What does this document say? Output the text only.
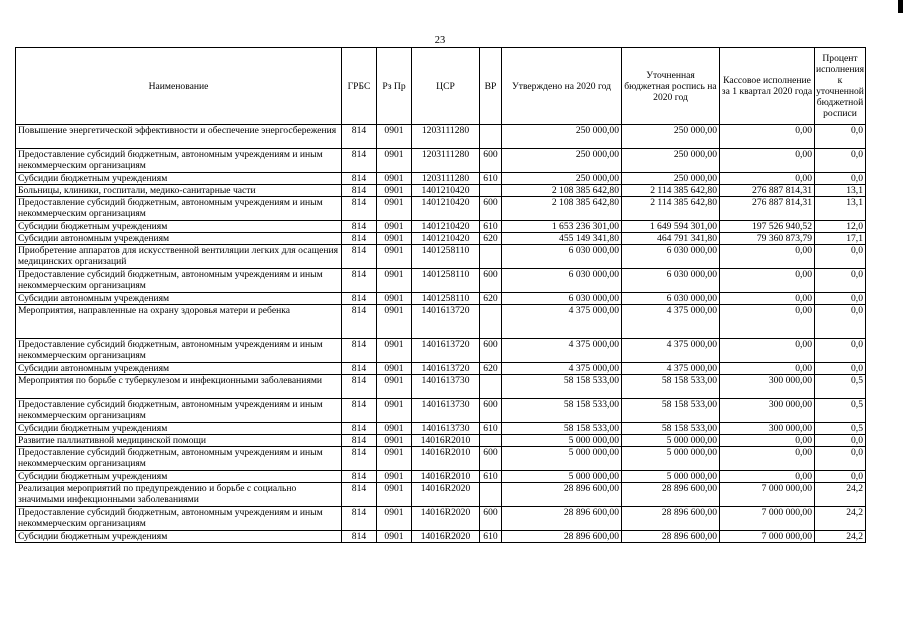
23
Наименование	ГРБС	Рз Пр	ЦСР	ВР	Утверждено на 2020 год	Уточненная бюджетная роспись на 2020 год	Кассовое исполнение за 1 квартал 2020 года	Процент исполнения к уточненной бюджетной росписи
Повышение энергетической эффективности и обеспечение энергосбережения	814	0901	1203111280		250 000,00	250 000,00	0,00	0,0
Предоставление субсидий бюджетным, автономным учреждениям и иным некоммерческим организациям	814	0901	1203111280	600	250 000,00	250 000,00	0,00	0,0
Субсидии бюджетным учреждениям	814	0901	1203111280	610	250 000,00	250 000,00	0,00	0,0
Больницы, клиники, госпитали, медико-санитарные части	814	0901	1401210420		2 108 385 642,80	2 114 385 642,80	276 887 814,31	13,1
Предоставление субсидий бюджетным, автономным учреждениям и иным некоммерческим организациям	814	0901	1401210420	600	2 108 385 642,80	2 114 385 642,80	276 887 814,31	13,1
Субсидии бюджетным учреждениям	814	0901	1401210420	610	1 653 236 301,00	1 649 594 301,00	197 526 940,52	12,0
Субсидии автономным учреждениям	814	0901	1401210420	620	455 149 341,80	464 791 341,80	79 360 873,79	17,1
Приобретение аппаратов для искусственной вентиляции легких для осащения медицинских организаций	814	0901	1401258110		6 030 000,00	6 030 000,00	0,00	0,0
Предоставление субсидий бюджетным, автономным учреждениям и иным некоммерческим организациям	814	0901	1401258110	600	6 030 000,00	6 030 000,00	0,00	0,0
Субсидии автономным учреждениям	814	0901	1401258110	620	6 030 000,00	6 030 000,00	0,00	0,0
Мероприятия, направленные на охрану здоровья матери и ребенка	814	0901	1401613720		4 375 000,00	4 375 000,00	0,00	0,0
Предоставление субсидий бюджетным, автономным учреждениям и иным некоммерческим организациям	814	0901	1401613720	600	4 375 000,00	4 375 000,00	0,00	0,0
Субсидии автономным учреждениям	814	0901	1401613720	620	4 375 000,00	4 375 000,00	0,00	0,0
Мероприятия по борьбе с туберкулезом и инфекционными заболеваниями	814	0901	1401613730		58 158 533,00	58 158 533,00	300 000,00	0,5
Предоставление субсидий бюджетным, автономным учреждениям и иным некоммерческим организациям	814	0901	1401613730	600	58 158 533,00	58 158 533,00	300 000,00	0,5
Субсидии бюджетным учреждениям	814	0901	1401613730	610	58 158 533,00	58 158 533,00	300 000,00	0,5
Развитие паллиативной медицинской помощи	814	0901	14016R2010		5 000 000,00	5 000 000,00	0,00	0,0
Предоставление субсидий бюджетным, автономным учреждениям и иным некоммерческим организациям	814	0901	14016R2010	600	5 000 000,00	5 000 000,00	0,00	0,0
Субсидии бюджетным учреждениям	814	0901	14016R2010	610	5 000 000,00	5 000 000,00	0,00	0,0
Реализация мероприятий по предупреждению и борьбе с социально значимыми инфекционными заболеваниями	814	0901	14016R2020		28 896 600,00	28 896 600,00	7 000 000,00	24,2
Предоставление субсидий бюджетным, автономным учреждениям и иным некоммерческим организациям	814	0901	14016R2020	600	28 896 600,00	28 896 600,00	7 000 000,00	24,2
Субсидии бюджетным учреждениям	814	0901	14016R2020	610	28 896 600,00	28 896 600,00	7 000 000,00	24,2
